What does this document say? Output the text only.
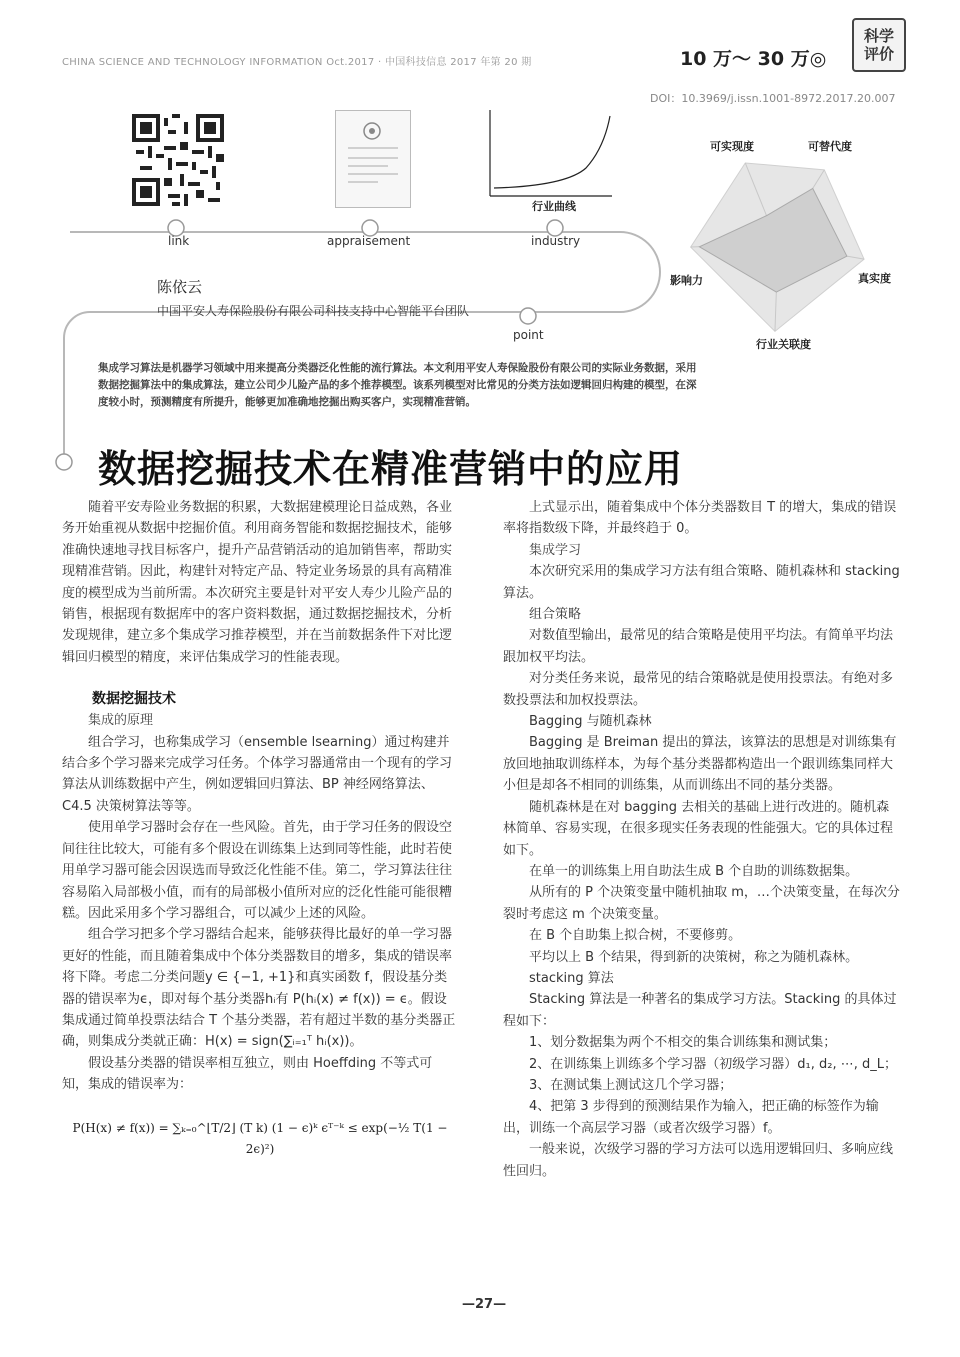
CHINA SCIENCE AND TECHNOLOGY INFORMATION Oct.2017 · 中国科技信息 2017 年第 20 期	10 万～ 30 万◎
科学
评价
DOI：10.3969/j.issn.1001-8972.2017.20.007
行业曲线
可实现度	可替代度
真实度
行业关联度
影响力
link	appraisement	industry
point
陈依云
中国平安人寿保险股份有限公司科技支持中心智能平台团队
集成学习算法是机器学习领域中用来提高分类器泛化性能的流行算法。本文利用平安人寿保险股份有限公司的实际业务数据，采用数据挖掘算法中的集成算法，建立公司少儿险产品的多个推荐模型。该系列模型对比常见的分类方法如逻辑回归构建的模型，在深度较小时，预测精度有所提升，能够更加准确地挖掘出购买客户，实现精准营销。
数据挖掘技术在精准营销中的应用

随着平安寿险业务数据的积累，大数据建模理论日益成熟，各业务开始重视从数据中挖掘价值。利用商务智能和数据挖掘技术，能够准确快速地寻找目标客户，提升产品营销活动的追加销售率，帮助实现精准营销。因此，构建针对特定产品、特定业务场景的具有高精准度的模型成为当前所需。本次研究主要是针对平安人寿少儿险产品的销售，根据现有数据库中的客户资料数据，通过数据挖掘技术，分析发现规律，建立多个集成学习推荐模型，并在当前数据条件下对比逻辑回归模型的精度，来评估集成学习的性能表现。

数据挖掘技术

集成的原理

组合学习，也称集成学习（ensemble lsearning）通过构建并结合多个学习器来完成学习任务。个体学习器通常由一个现有的学习算法从训练数据中产生，例如逻辑回归算法、BP 神经网络算法、C4.5 决策树算法等等。

使用单学习器时会存在一些风险。首先，由于学习任务的假设空间往往比较大，可能有多个假设在训练集上达到同等性能，此时若使用单学习器可能会因误选而导致泛化性能不佳。第二，学习算法往往容易陷入局部极小值，而有的局部极小值所对应的泛化性能可能很糟糕。因此采用多个学习器组合，可以减少上述的风险。

组合学习把多个学习器结合起来，能够获得比最好的单一学习器更好的性能，而且随着集成中个体分类器数目的增多，集成的错误率将下降。考虑二分类问题y ∈ {−1, +1}和真实函数 f，假设基分类器的错误率为ϵ，即对每个基分类器hᵢ有 P(hᵢ(x) ≠ f(x)) = ϵ。假设集成通过简单投票法结合 T 个基分类器，若有超过半数的基分类器正确，则集成分类就正确：H(x) = sign(∑ᵢ₌₁ᵀ hᵢ(x))。

假设基分类器的错误率相互独立，则由 Hoeffding 不等式可知，集成的错误率为：

P(H(x) ≠ f(x)) = ∑ₖ₌₀^⌊T/2⌋ (T k) (1 − ϵ)ᵏ ϵᵀ⁻ᵏ ≤ exp(−½ T(1 − 2ϵ)²)

上式显示出，随着集成中个体分类器数目 T 的增大，集成的错误率将指数级下降，并最终趋于 0。

集成学习

本次研究采用的集成学习方法有组合策略、随机森林和 stacking 算法。

组合策略

对数值型输出，最常见的结合策略是使用平均法。有简单平均法跟加权平均法。

对分类任务来说，最常见的结合策略就是使用投票法。有绝对多数投票法和加权投票法。

Bagging 与随机森林

Bagging 是 Breiman 提出的算法，该算法的思想是对训练集有放回地抽取训练样本，为每个基分类器都构造出一个跟训练集同样大小但是却各不相同的训练集，从而训练出不同的基分类器。

随机森林是在对 bagging 去相关的基础上进行改进的。随机森林简单、容易实现，在很多现实任务表现的性能强大。它的具体过程如下。

在单一的训练集上用自助法生成 B 个自助的训练数据集。

从所有的 P 个决策变量中随机抽取 m，…个决策变量，在每次分裂时考虑这 m 个决策变量。

在 B 个自助集上拟合树，不要修剪。

平均以上 B 个结果，得到新的决策树，称之为随机森林。

stacking 算法

Stacking 算法是一种著名的集成学习方法。Stacking 的具体过程如下：

1、划分数据集为两个不相交的集合训练集和测试集；

2、在训练集上训练多个学习器（初级学习器）d₁, d₂, ⋯, d_L；

3、在测试集上测试这几个学习器；

4、把第 3 步得到的预测结果作为输入，把正确的标签作为输出，训练一个高层学习器（或者次级学习器）f。

一般来说，次级学习器的学习方法可以选用逻辑回归、多响应线性回归。

—27—
